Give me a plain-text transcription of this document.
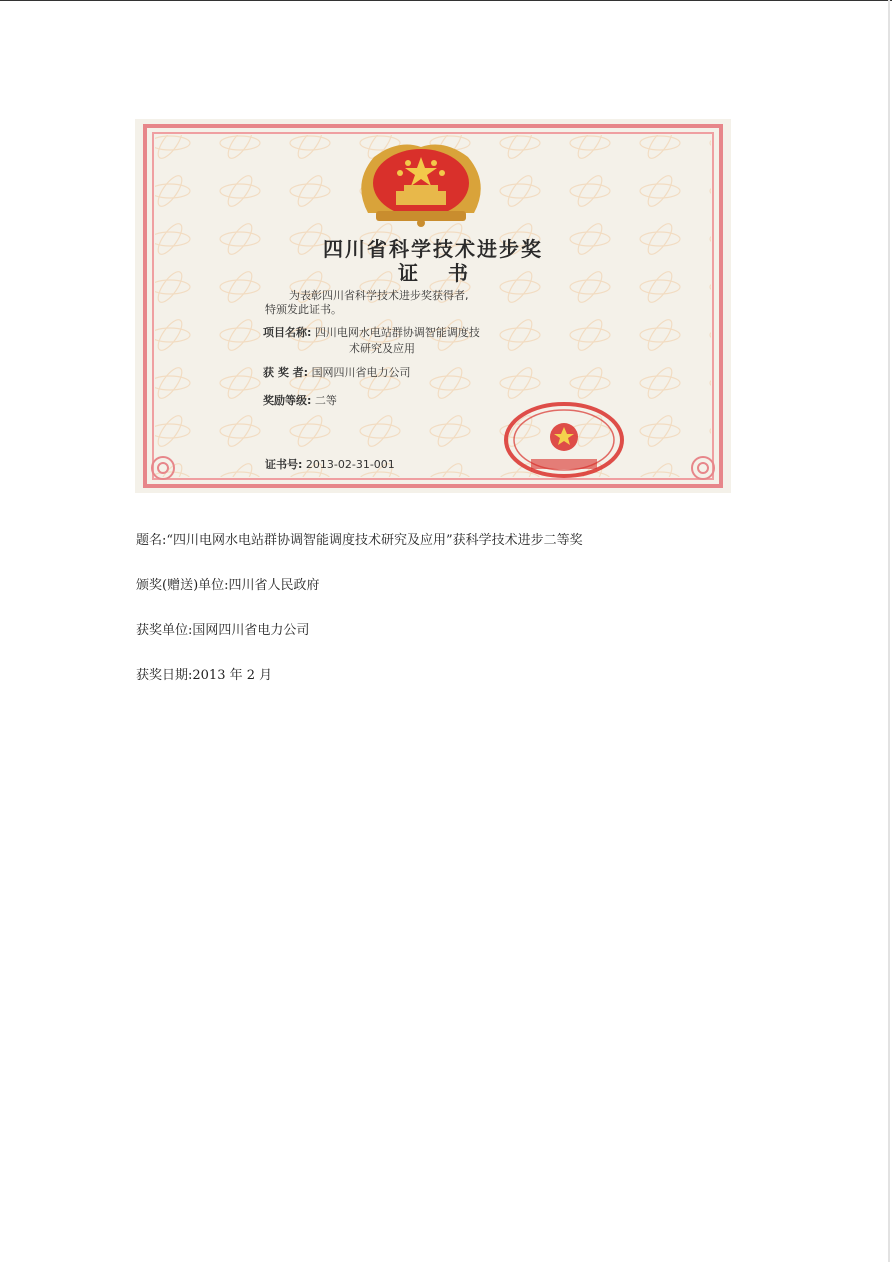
四川省科学技术进步奖
证书
为表彰四川省科学技术进步奖获得者,
特颁发此证书。
项目名称: 四川电网水电站群协调智能调度技
术研究及应用
获 奖 者: 国网四川省电力公司
奖励等级: 二等
证书号: 2013-02-31-001
题名:“四川电网水电站群协调智能调度技术研究及应用”获科学技术进步二等奖
颁奖(赠送)单位:四川省人民政府
获奖单位:国网四川省电力公司
获奖日期:2013 年 2 月
